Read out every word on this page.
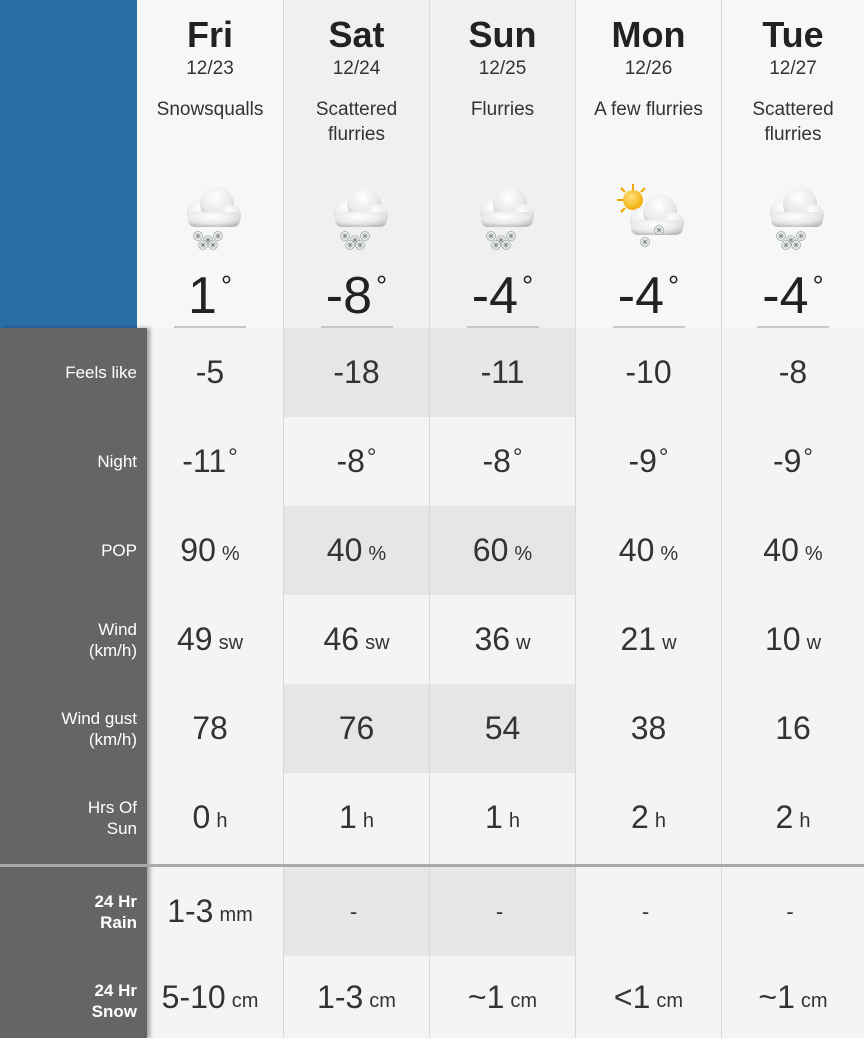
Feels like
Night
POP
Wind
(km/h)
Wind gust
(km/h)
Hrs Of
Sun
24 Hr
Rain
24 Hr
Snow
Fri
12/23
Snowsqualls
1 °
-5
-11 °
90 %
49 sw
78
0 h
1-3 mm
5-10 cm
Sat
12/24
Scattered flurries
-8 °
-18
-8 °
40 %
46 sw
76
1 h
-
1-3 cm
Sun
12/25
Flurries
-4 °
-11
-8 °
60 %
36 w
54
1 h
-
~1 cm
Mon
12/26
A few flurries
-4 °
-10
-9 °
40 %
21 w
38
2 h
-
<1 cm
Tue
12/27
Scattered flurries
-4 °
-8
-9 °
40 %
10 w
16
2 h
-
~1 cm
